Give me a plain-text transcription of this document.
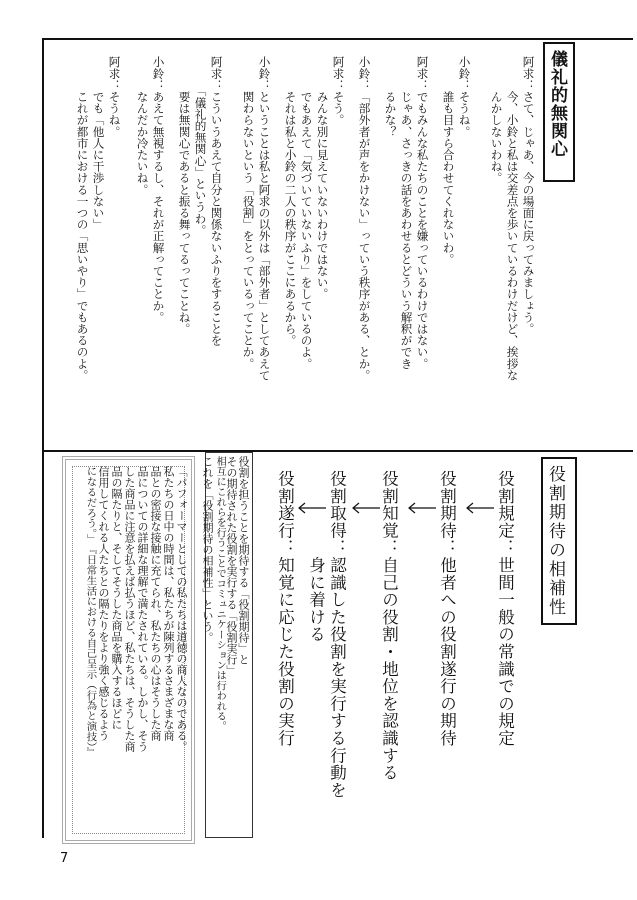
儀礼的無関心
阿求：さて、じゃあ、今の場面に戻ってみましょう。
　　　今、小鈴と私は交差点を歩いているわけだけど、挨拶な
　　　んかしないわね。
小鈴：そうね。
　　　誰も目すら合わせてくれないわ。
阿求：でもみんな私たちのことを嫌っているわけではない。
　　　じゃあ、さっきの話をあわせるとどういう解釈ができ
　　　るかな？
小鈴：「部外者が声をかけない」っていう秩序がある、とか。
阿求：そう。
　　　みんな別に見えていないわけではない。
　　　でもあえて「気づいていないふり」をしているのよ。
　　　それは私と小鈴の二人の秩序がここにあるから。
小鈴：ということは私と阿求の以外は「部外者」としてあえて
　　　関わらないという「役割」をとっているってことか。
阿求：こういうあえて自分と関係ないふりをすることを
　　　「儀礼的無関心」というわ。
　　　要は無関心であると振る舞ってるってことね。
小鈴：あえて無視するし、それが正解ってことか。
　　　なんだか冷たいね。
阿求：そうね。
　　　でも「他人に干渉しない」
　　　これが都市における一つの「思いやり」でもあるのよ。
役割期待の相補性
役割規定：世間一般の常識での規定
役割期待：他者への役割遂行の期待
役割知覚：自己の役割・地位を認識する
役割取得：認識した役割を実行する行動を
　　　　　身に着ける
役割遂行：知覚に応じた役割の実行
役割を担うことを期待する「役割期待」と
その期待された役割を実行する「役割実行」
相互にこれらを行うことでコミュニケーションは行われる。
これを「役割期待の相補性」という。
「パフォーマーとしての私たちは道徳の商人なのである。
私たちの日中の時間は、私たちが陳列するさまざまな商
品との密接な接触に充てられ、私たちの心はそうした商
品についての詳細な理解で満たされている。しかし、そう
した商品に注意を払えば払うほど、私たちは、そうした商
品の隔たりと、そしてそうした商品を購入するほどに
信用してくれる人たちとの隔たりをより強く感じるよう
になるだろう。」　『日常生活における自己呈示（行為と演技）』
7
